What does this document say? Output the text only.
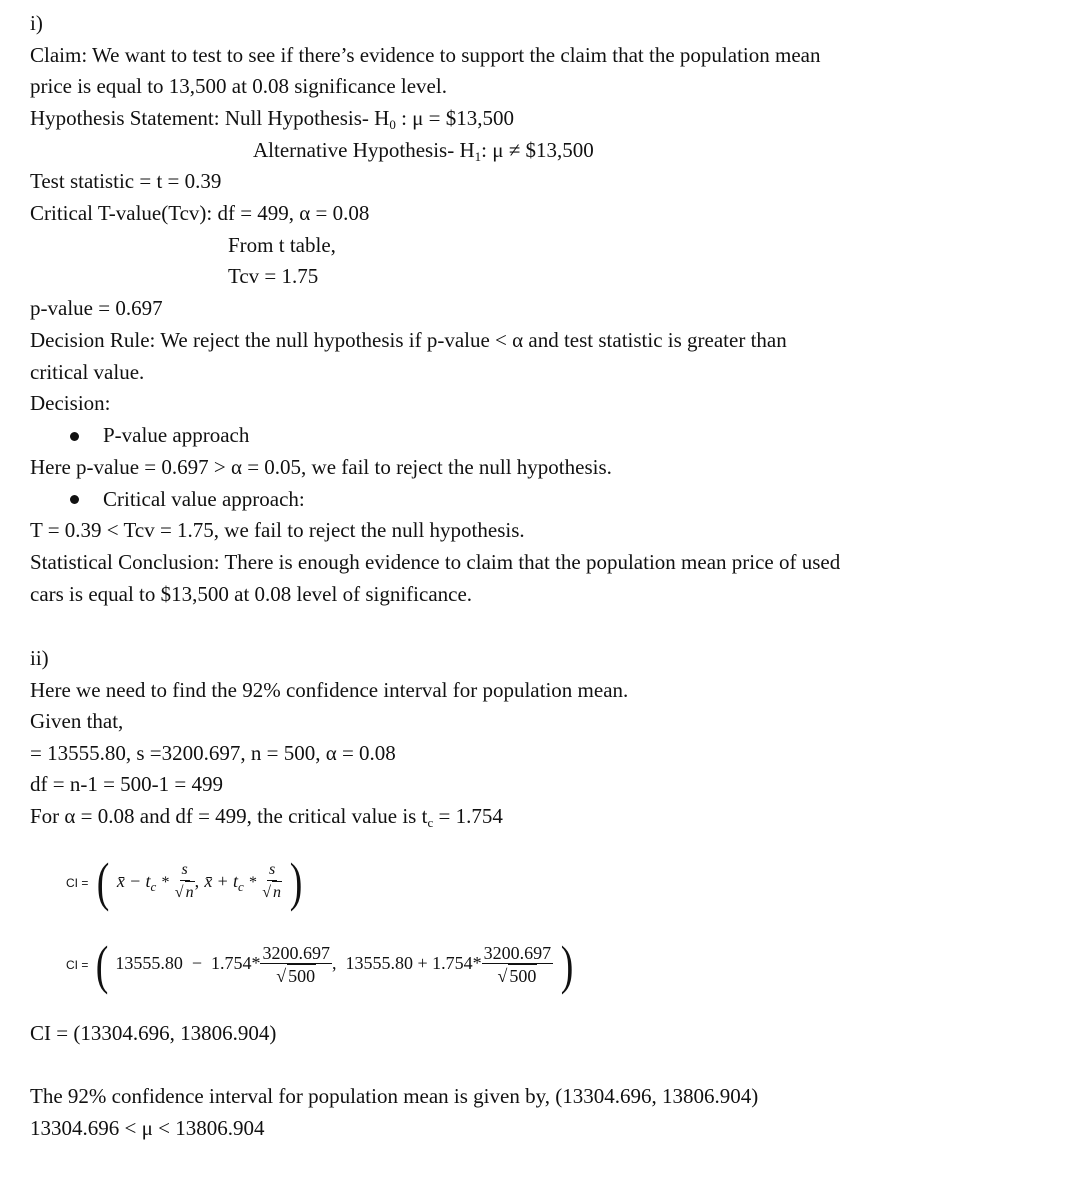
i)
Claim: We want to test to see if there’s evidence to support the claim that the population mean
price is equal to 13,500 at 0.08 significance level.
Hypothesis Statement: Null Hypothesis- $H_0$ : μ = $13,500
Alternative Hypothesis- $H_1$: μ ≠ $13,500
Test statistic = t = 0.39
Critical T-value(Tcv): df = 499, α = 0.08
From t table,
Tcv = 1.75
p-value = 0.697
Decision Rule: We reject the null hypothesis if p-value < α and test statistic is greater than
critical value.
Decision:
P-value approach
Here p-value = 0.697 > α = 0.05, we fail to reject the null hypothesis.
Critical value approach:
T = 0.39 < Tcv = 1.75, we fail to reject the null hypothesis.
Statistical Conclusion: There is enough evidence to claim that the population mean price of used
cars is equal to $13,500 at 0.08 level of significance.
ii)
Here we need to find the 92% confidence interval for population mean.
Given that,
= 13555.80, s =3200.697, n = 500, α = 0.08
df = n-1 = 500-1 = 499
For α = 0.08 and df = 499, the critical value is $t_c = 1.754$
CI = ( x̄ − $t_c * \frac{s}{√ n}$ , x̄ + $t_c * \frac{s}{√ n}$ )
CI = ( $13555.80 - 1.754* \frac{3200.697}{√ 500}$ , $13555.80 + 1.754* \frac{3200.697}{√ 500}$ )
CI = (13304.696, 13806.904)
The 92% confidence interval for population mean is given by, (13304.696, 13806.904)
13304.696 < μ < 13806.904
